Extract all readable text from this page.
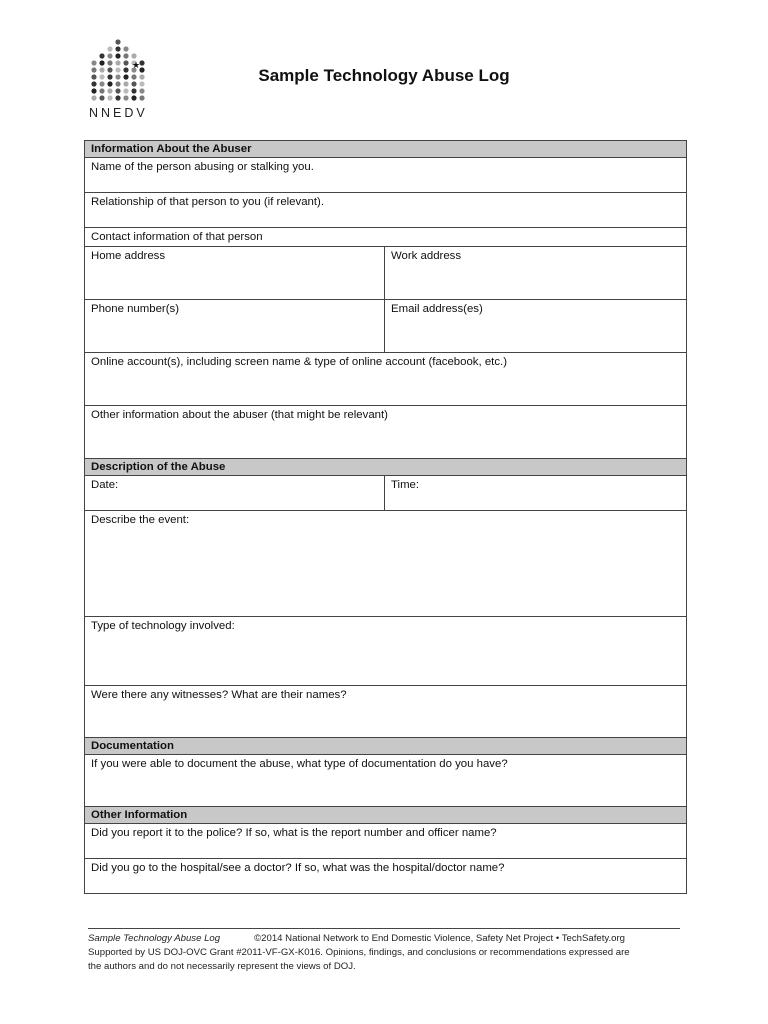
★
NNEDV
Sample Technology Abuse Log
Information About the Abuser	
Name of the person abusing or stalking you.	
Relationship of that person to you (if relevant).	
Contact information of that person	
Home address	Work address
Phone number(s)	Email address(es)
Online account(s), including screen name & type of online account (facebook, etc.)	
Other information about the abuser (that might be relevant)	
Description of the Abuse	
Date:	Time:
Describe the event:	
Type of technology involved:	
Were there any witnesses? What are their names?	
Documentation	
If you were able to document the abuse, what type of documentation do you have?	
Other Information	
Did you report it to the police? If so, what is the report number and officer name?	
Did you go to the hospital/see a doctor? If so, what was the hospital/doctor name?	
Sample Technology Abuse Log	©2014 National Network to End Domestic Violence, Safety Net Project • TechSafety.org
Supported by US DOJ-OVC Grant #2011-VF-GX-K016. Opinions, findings, and conclusions or recommendations expressed are
the authors and do not necessarily represent the views of DOJ.
